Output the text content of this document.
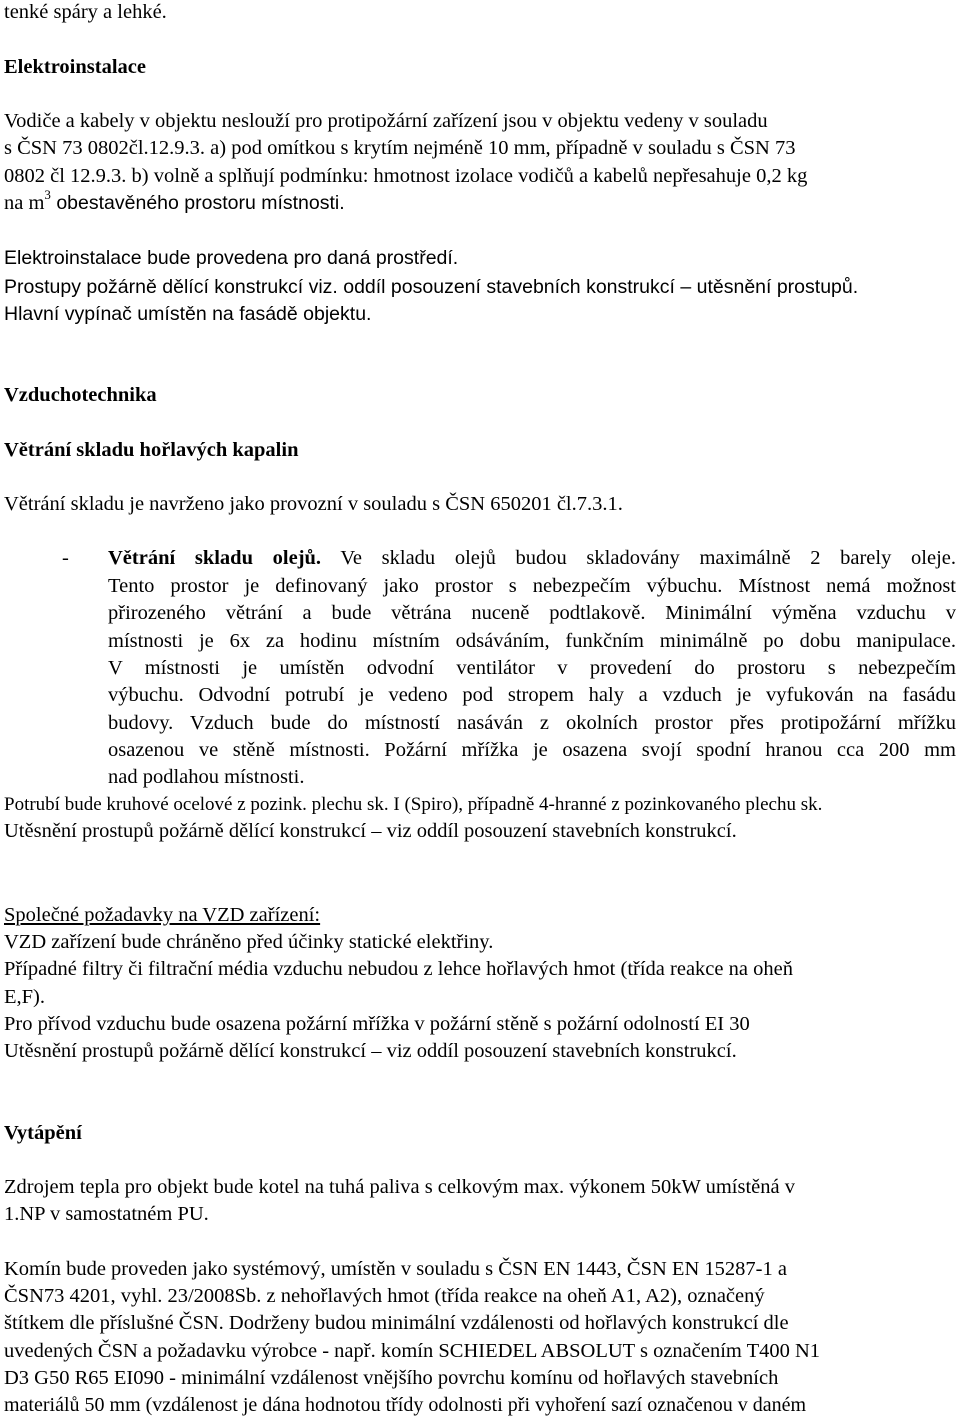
tenké spáry a lehké.
Elektroinstalace
Vodiče a kabely v objektu neslouží pro protipožární zařízení jsou v objektu vedeny v souladu
s ČSN 73 0802čl.12.9.3. a) pod omítkou s krytím nejméně 10 mm, případně v souladu s ČSN 73
0802 čl 12.9.3. b) volně a splňují podmínku: hmotnost izolace vodičů a kabelů nepřesahuje 0,2 kg
na $m^3$ obestavěného prostoru místnosti.
Elektroinstalace bude provedena pro daná prostředí.
Prostupy požárně dělící konstrukcí viz. oddíl posouzení stavebních konstrukcí – utěsnění prostupů.
Hlavní vypínač umístěn na fasádě objektu.
Vzduchotechnika
Větrání skladu hořlavých kapalin
Větrání skladu je navrženo jako provozní v souladu s ČSN 650201 čl.7.3.1.
- Větrání skladu olejů. Ve skladu olejů budou skladovány maximálně 2 barely oleje.
Tento prostor je definovaný jako prostor s nebezpečím výbuchu. Místnost nemá možnost
přirozeného větrání a bude větrána nuceně podtlakově. Minimální výměna vzduchu v
místnosti je 6x za hodinu místním odsáváním, funkčním minimálně po dobu manipulace.
V místnosti je umístěn odvodní ventilátor v provedení do prostoru s nebezpečím
výbuchu. Odvodní potrubí je vedeno pod stropem haly a vzduch je vyfukován na fasádu
budovy. Vzduch bude do místností nasáván z okolních prostor přes protipožární mřížku
osazenou ve stěně místnosti. Požární mřížka je osazena svojí spodní hranou cca 200 mm
nad podlahou místnosti.
Potrubí bude kruhové ocelové z pozink. plechu sk. I (Spiro), případně 4-hranné z pozinkovaného plechu sk.
Utěsnění prostupů požárně dělící konstrukcí – viz oddíl posouzení stavebních konstrukcí.
Společné požadavky na VZD zařízení:
VZD zařízení bude chráněno před účinky statické elektřiny.
Případné filtry či filtrační média vzduchu nebudou z lehce hořlavých hmot (třída reakce na oheň
E,F).
Pro přívod vzduchu bude osazena požární mřížka v požární stěně s požární odolností EI 30
Utěsnění prostupů požárně dělící konstrukcí – viz oddíl posouzení stavebních konstrukcí.
Vytápění
Zdrojem tepla pro objekt bude kotel na tuhá paliva s celkovým max. výkonem 50kW umístěná v
1.NP v samostatném PU.
Komín bude proveden jako systémový, umístěn v souladu s ČSN EN 1443, ČSN EN 15287-1 a
ČSN73 4201, vyhl. 23/2008Sb. z nehořlavých hmot (třída reakce na oheň A1, A2), označený
štítkem dle příslušné ČSN. Dodrženy budou minimální vzdálenosti od hořlavých konstrukcí dle
uvedených ČSN a požadavku výrobce - např. komín SCHIEDEL ABSOLUT s označením T400 N1
D3 G50 R65 EI090 - minimální vzdálenost vnějšího povrchu komínu od hořlavých stavebních
materiálů 50 mm (vzdálenost je dána hodnotou třídy odolnosti při vyhoření sazí označenou v daném
